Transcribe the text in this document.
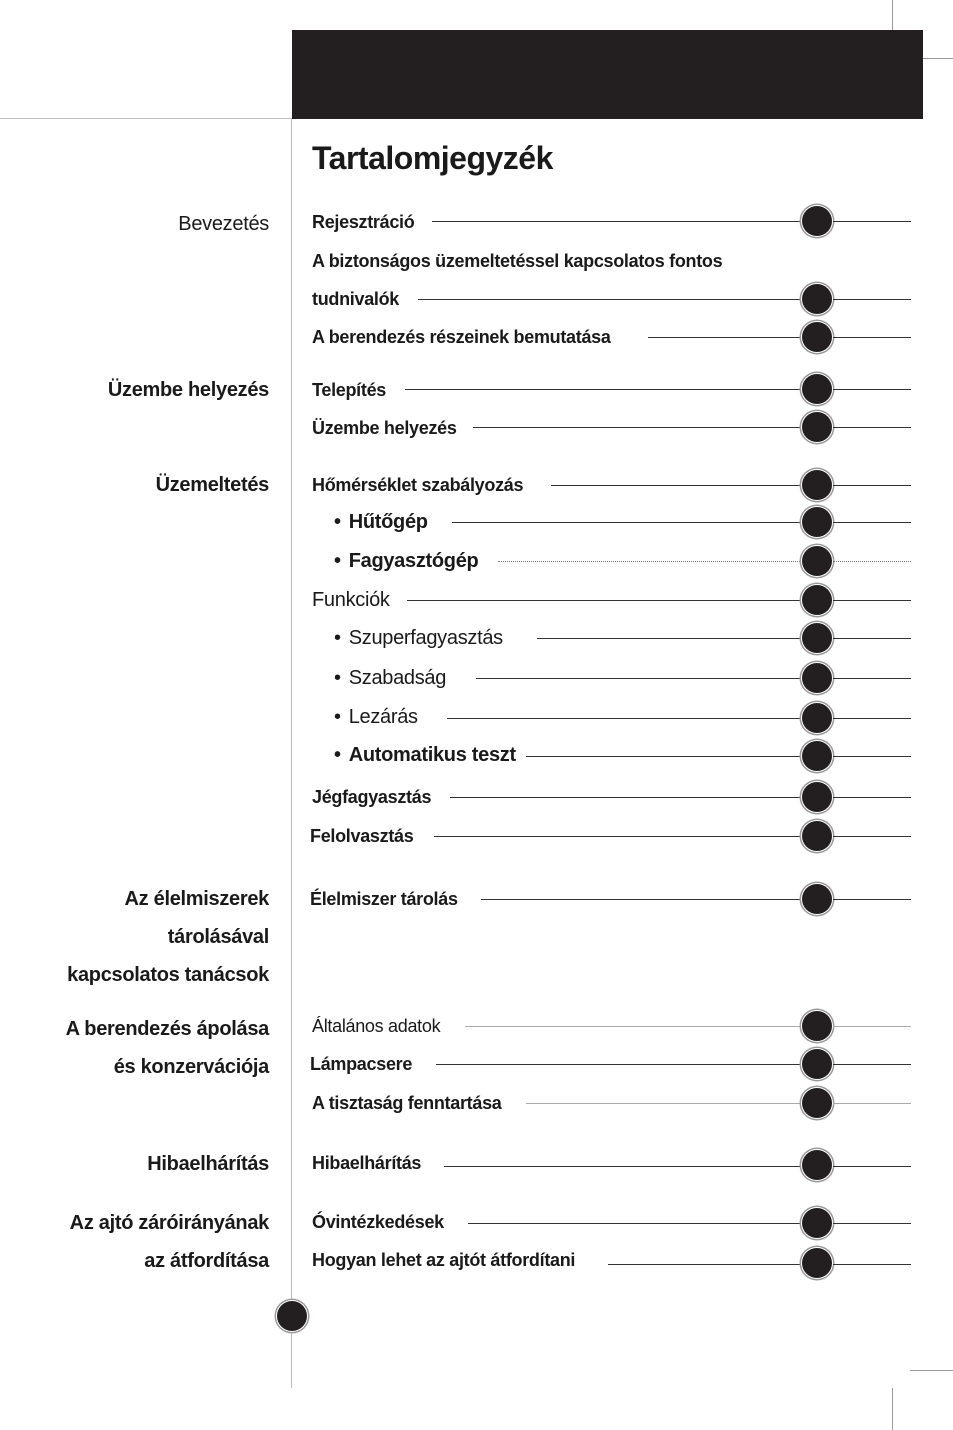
Tartalomjegyzék
Bevezetés
Üzembe helyezés
Üzemeltetés
Az élelmiszerek
tárolásával
kapcsolatos tanácsok
A berendezés ápolása
és konzervációja
Hibaelhárítás
Az ajtó záróirányának
az átfordítása
Rejesztráció
A biztonságos üzemeltetéssel kapcsolatos fontos
tudnivalók
A berendezés részeinek bemutatása
Telepítés
Üzembe helyezés
Hőmérséklet szabályozás
• Hűtőgép
• Fagyasztógép
Funkciók
• Szuperfagyasztás
• Szabadság
• Lezárás
• Automatikus teszt
Jégfagyasztás
Felolvasztás
Élelmiszer tárolás
Általános adatok
Lámpacsere
A tisztaság fenntartása
Hibaelhárítás
Óvintézkedések
Hogyan lehet az ajtót átfordítani
